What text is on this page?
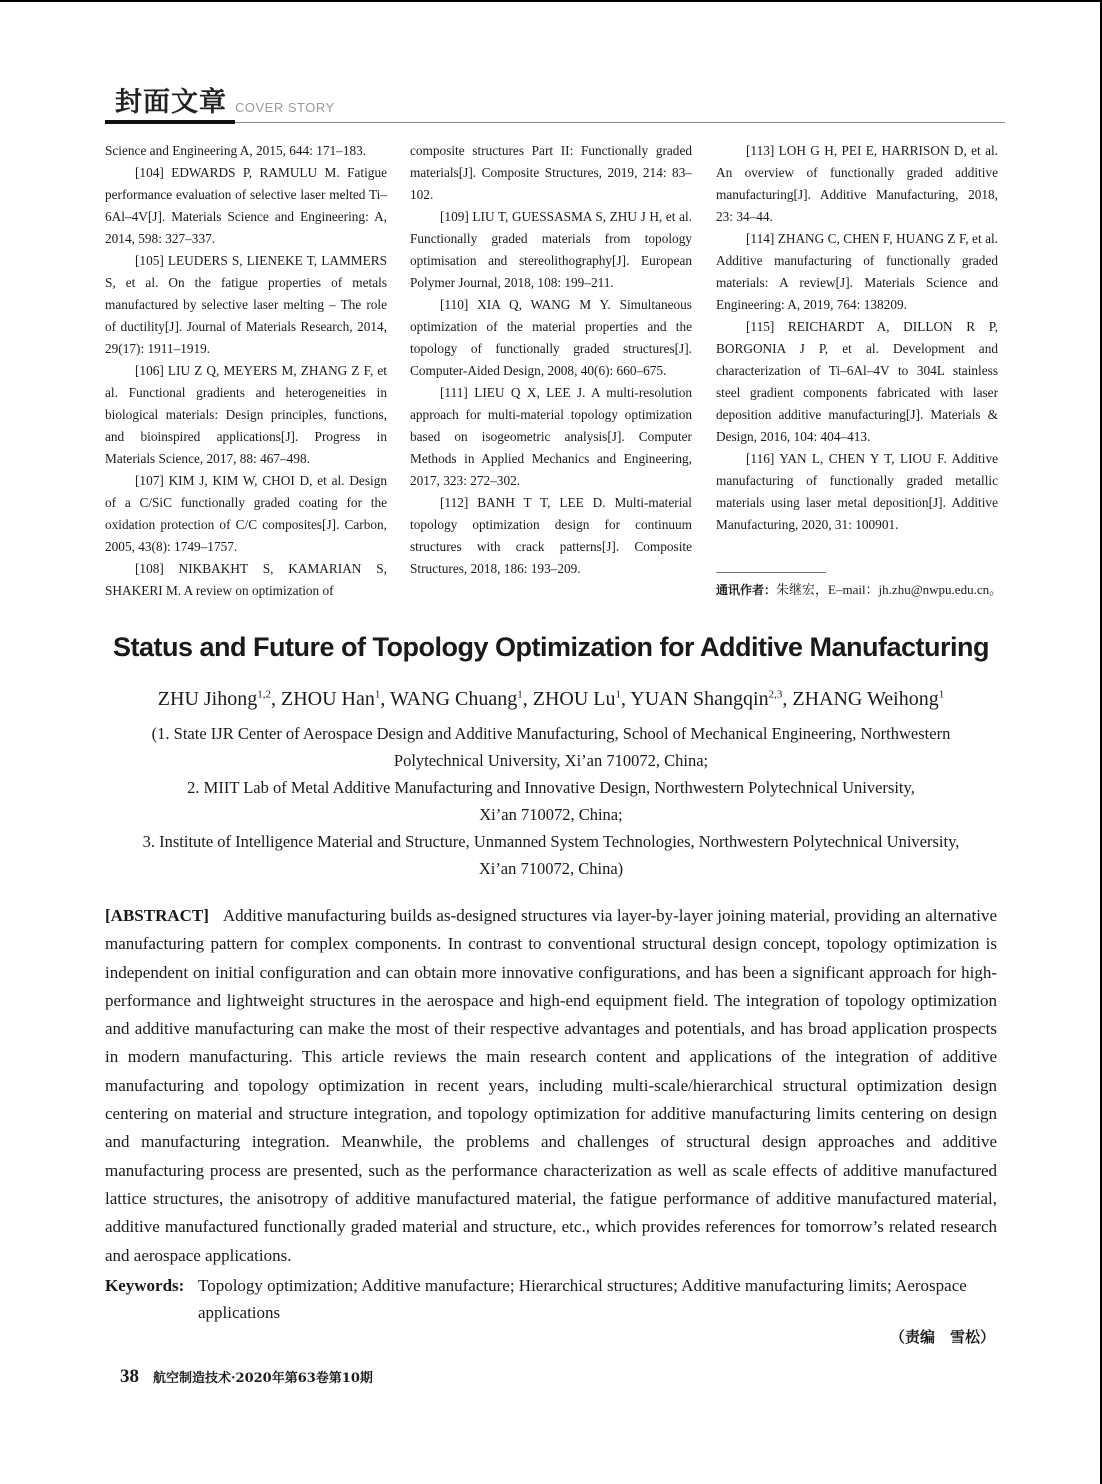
封面文章 COVER STORY

Science and Engineering A, 2015, 644: 171–183.

[104] EDWARDS P, RAMULU M. Fatigue performance evaluation of selective laser melted Ti–6Al–4V[J]. Materials Science and Engineering: A, 2014, 598: 327–337.

[105] LEUDERS S, LIENEKE T, LAMMERS S, et al. On the fatigue properties of metals manufactured by selective laser melting – The role of ductility[J]. Journal of Materials Research, 2014, 29(17): 1911–1919.

[106] LIU Z Q, MEYERS M, ZHANG Z F, et al. Functional gradients and heterogeneities in biological materials: Design principles, functions, and bioinspired applications[J]. Progress in Materials Science, 2017, 88: 467–498.

[107] KIM J, KIM W, CHOI D, et al. Design of a C/SiC functionally graded coating for the oxidation protection of C/C composites[J]. Carbon, 2005, 43(8): 1749–1757.

[108] NIKBAKHT S, KAMARIAN S, SHAKERI M. A review on optimization of

composite structures Part II: Functionally graded materials[J]. Composite Structures, 2019, 214: 83–102.

[109] LIU T, GUESSASMA S, ZHU J H, et al. Functionally graded materials from topology optimisation and stereolithography[J]. European Polymer Journal, 2018, 108: 199–211.

[110] XIA Q, WANG M Y. Simultaneous optimization of the material properties and the topology of functionally graded structures[J]. Computer-Aided Design, 2008, 40(6): 660–675.

[111] LIEU Q X, LEE J. A multi-resolution approach for multi-material topology optimization based on isogeometric analysis[J]. Computer Methods in Applied Mechanics and Engineering, 2017, 323: 272–302.

[112] BANH T T, LEE D. Multi-material topology optimization design for continuum structures with crack patterns[J]. Composite Structures, 2018, 186: 193–209.

[113] LOH G H, PEI E, HARRISON D, et al. An overview of functionally graded additive manufacturing[J]. Additive Manufacturing, 2018, 23: 34–44.

[114] ZHANG C, CHEN F, HUANG Z F, et al. Additive manufacturing of functionally graded materials: A review[J]. Materials Science and Engineering: A, 2019, 764: 138209.

[115] REICHARDT A, DILLON R P, BORGONIA J P, et al. Development and characterization of Ti–6Al–4V to 304L stainless steel gradient components fabricated with laser deposition additive manufacturing[J]. Materials & Design, 2016, 104: 404–413.

[116] YAN L, CHEN Y T, LIOU F. Additive manufacturing of functionally graded metallic materials using laser metal deposition[J]. Additive Manufacturing, 2020, 31: 100901.

通讯作者：朱继宏，E–mail：jh.zhu@nwpu.edu.cn。
Status and Future of Topology Optimization for Additive Manufacturing
ZHU Jihong$^{1,2}$, ZHOU Han$^1$, WANG Chuang$^1$, ZHOU Lu$^1$, YUAN Shangqin$^{2,3}$, ZHANG Weihong$^1$
(1. State IJR Center of Aerospace Design and Additive Manufacturing, School of Mechanical Engineering, Northwestern
Polytechnical University, Xi’an 710072, China;
2. MIIT Lab of Metal Additive Manufacturing and Innovative Design, Northwestern Polytechnical University,
Xi’an 710072, China;
3. Institute of Intelligence Material and Structure, Unmanned System Technologies, Northwestern Polytechnical University,
Xi’an 710072, China)
[ABSTRACT] Additive manufacturing builds as-designed structures via layer-by-layer joining material, providing an alternative manufacturing pattern for complex components. In contrast to conventional structural design concept, topology optimization is independent on initial configuration and can obtain more innovative configurations, and has been a significant approach for high-performance and lightweight structures in the aerospace and high-end equipment field. The integration of topology optimization and additive manufacturing can make the most of their respective advantages and potentials, and has broad application prospects in modern manufacturing. This article reviews the main research content and applications of the integration of additive manufacturing and topology optimization in recent years, including multi-scale/hierarchical structural optimization design centering on material and structure integration, and topology optimization for additive manufacturing limits centering on design and manufacturing integration. Meanwhile, the problems and challenges of structural design approaches and additive manufacturing process are presented, such as the performance characterization as well as scale effects of additive manufactured lattice structures, the anisotropy of additive manufactured material, the fatigue performance of additive manufactured material, additive manufactured functionally graded material and structure, etc., which provides references for tomorrow’s related research and aerospace applications.
Keywords: Topology optimization; Additive manufacture; Hierarchical structures; Additive manufacturing limits; Aerospace applications
（责编　雪松）
38 航空制造技术·2020年第63卷第10期
